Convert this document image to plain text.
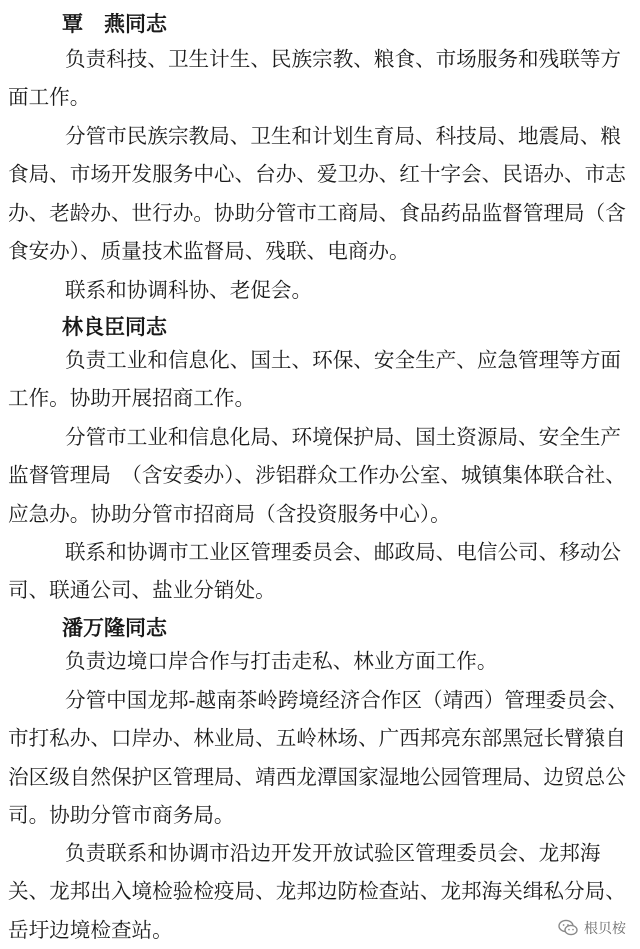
覃　燕同志

负责科技、卫生计生、民族宗教、粮食、市场服务和残联等方面工作。

分管市民族宗教局、卫生和计划生育局、科技局、地震局、粮食局、市场开发服务中心、台办、爱卫办、红十字会、民语办、市志办、老龄办、世行办。协助分管市工商局、食品药品监督管理局（含食安办）、质量技术监督局、残联、电商办。

联系和协调科协、老促会。

林良臣同志

负责工业和信息化、国土、环保、安全生产、应急管理等方面工作。协助开展招商工作。

分管市工业和信息化局、环境保护局、国土资源局、安全生产监督管理局　（含安委办）、涉铝群众工作办公室、城镇集体联合社、应急办。协助分管市招商局（含投资服务中心）。

联系和协调市工业区管理委员会、邮政局、电信公司、移动公司、联通公司、盐业分销处。

潘万隆同志

负责边境口岸合作与打击走私、林业方面工作。

分管中国龙邦-越南茶岭跨境经济合作区（靖西）管理委员会、市打私办、口岸办、林业局、五岭林场、广西邦亮东部黑冠长臂猿自治区级自然保护区管理局、靖西龙潭国家湿地公园管理局、边贸总公司。协助分管市商务局。

负责联系和协调市沿边开发开放试验区管理委员会、龙邦海关、龙邦出入境检验检疫局、龙邦边防检查站、龙邦海关缉私分局、岳圩边境检查站。	根贝桉
